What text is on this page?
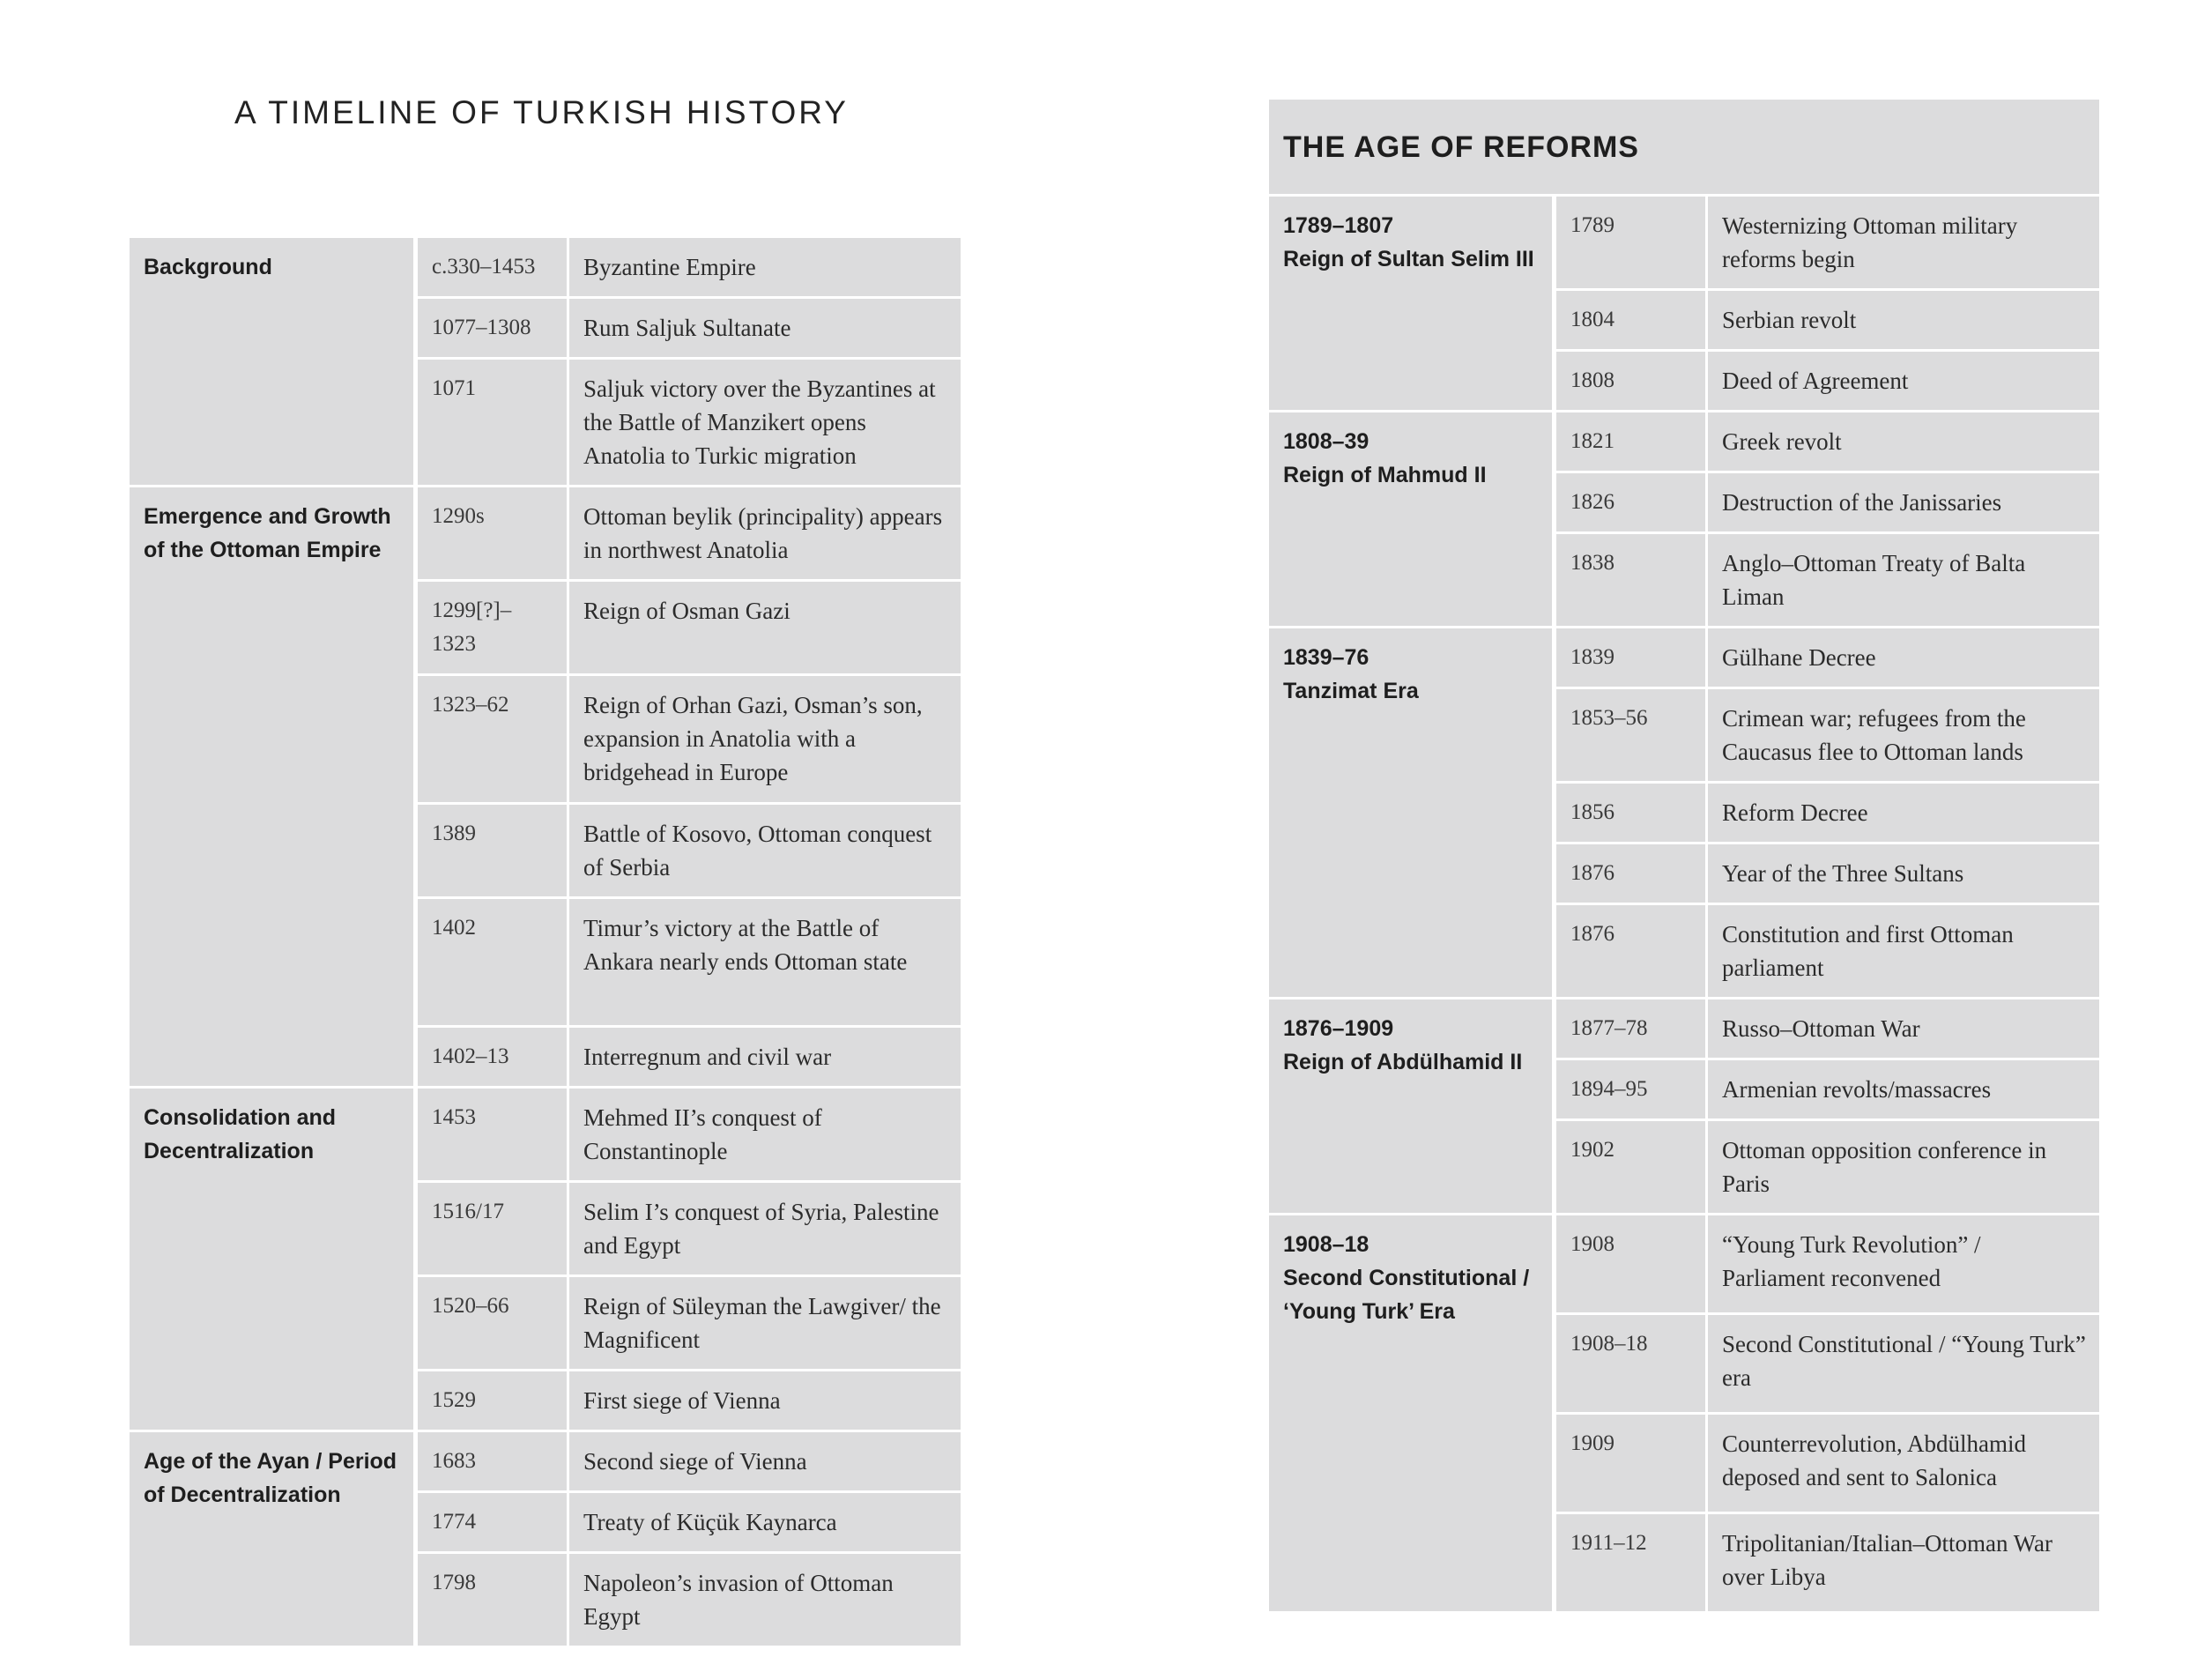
A TIMELINE OF TURKISH HISTORY
Background	c.330–1453	Byzantine Empire
	1077–1308	Rum Saljuk Sultanate
	1071	Saljuk victory over the Byzantines at the Battle of Manzikert opens Anatolia to Turkic migration

Emergence and Growth of the Ottoman Empire	1290s	Ottoman beylik (principality) appears in northwest Anatolia
	1299[?]–1323	Reign of Osman Gazi
	1323–62	Reign of Orhan Gazi, Osman’s son, expansion in Anatolia with a bridgehead in Europe
	1389	Battle of Kosovo, Ottoman conquest of Serbia
	1402	Timur’s victory at the Battle of Ankara nearly ends Ottoman state
	1402–13	Interregnum and civil war

Consolidation and Decentralization	1453	Mehmed II’s conquest of Constantinople
	1516/17	Selim I’s conquest of Syria, Palestine and Egypt
	1520–66	Reign of Süleyman the Lawgiver/ the Magnificent
	1529	First siege of Vienna

Age of the Ayan / Period of Decentralization	1683	Second siege of Vienna
	1774	Treaty of Küçük Kaynarca
	1798	Napoleon’s invasion of Ottoman Egypt
THE AGE OF REFORMS
1789–1807
Reign of Sultan Selim III	1789	Westernizing Ottoman military reforms begin
	1804	Serbian revolt
	1808	Deed of Agreement

1808–39
Reign of Mahmud II	1821	Greek revolt
	1826	Destruction of the Janissaries
	1838	Anglo–Ottoman Treaty of Balta Liman

1839–76
Tanzimat Era	1839	Gülhane Decree
	1853–56	Crimean war; refugees from the Caucasus flee to Ottoman lands
	1856	Reform Decree
	1876	Year of the Three Sultans
	1876	Constitution and first Ottoman parliament

1876–1909
Reign of Abdülhamid II	1877–78	Russo–Ottoman War
	1894–95	Armenian revolts/massacres
	1902	Ottoman opposition conference in Paris

1908–18
Second Constitutional / ‘Young Turk’ Era	1908	“Young Turk Revolution” / Parliament reconvened
	1908–18	Second Constitutional / “Young Turk” era
	1909	Counterrevolution, Abdülhamid deposed and sent to Salonica
	1911–12	Tripolitanian/Italian–Ottoman War over Libya
